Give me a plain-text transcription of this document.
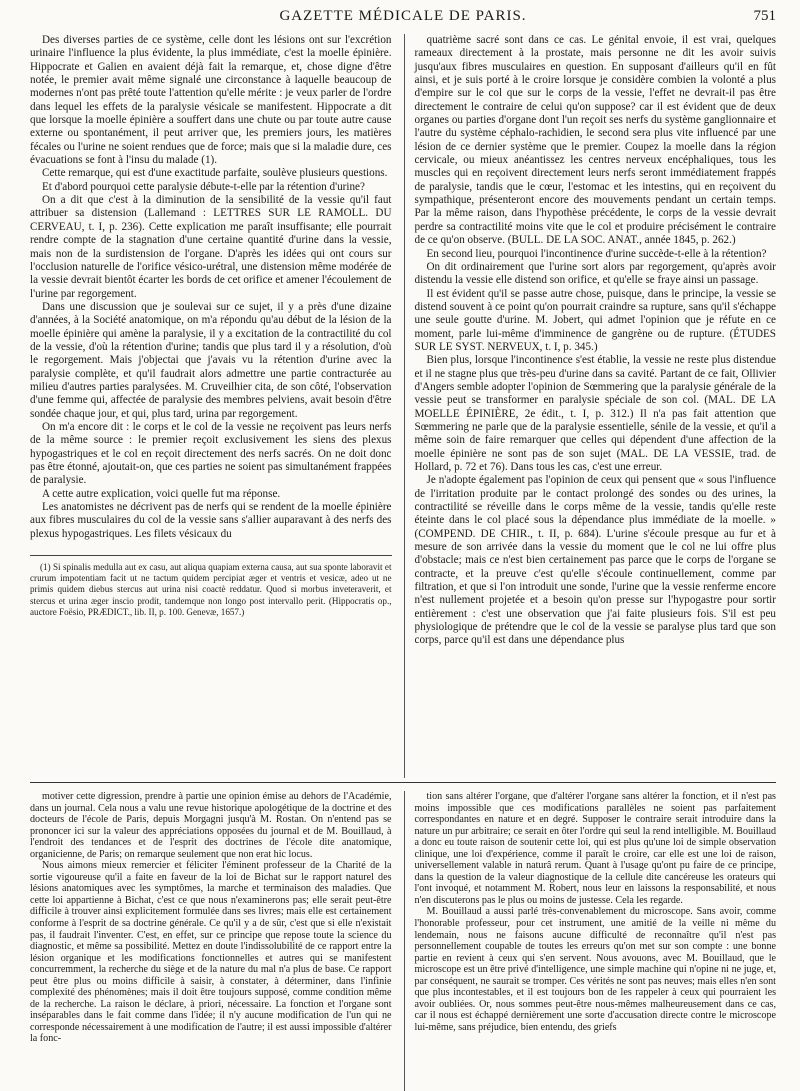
GAZETTE MÉDICALE DE PARIS.	751

Des diverses parties de ce système, celle dont les lésions ont sur l'excrétion urinaire l'influence la plus évidente, la plus immédiate, c'est la moelle épinière. Hippocrate et Galien en avaient déjà fait la remarque, et, chose digne d'être notée, le premier avait même signalé une circonstance à laquelle beaucoup de modernes n'ont pas prêté toute l'attention qu'elle mérite : je veux parler de l'ordre dans lequel les effets de la paralysie vésicale se manifestent. Hippocrate a dit que lorsque la moelle épinière a souffert dans une chute ou par toute autre cause externe ou spontanément, il peut arriver que, les premiers jours, les matières fécales ou l'urine ne soient rendues que de force; mais que si la maladie dure, ces évacuations se font à l'insu du malade (1).

Cette remarque, qui est d'une exactitude parfaite, soulève plusieurs questions.

Et d'abord pourquoi cette paralysie débute-t-elle par la rétention d'urine?

On a dit que c'est à la diminution de la sensibilité de la vessie qu'il faut attribuer sa distension (Lallemand : LETTRES SUR LE RAMOLL. DU CERVEAU, t. I, p. 236). Cette explication me paraît insuffisante; elle pourrait rendre compte de la stagnation d'une certaine quantité d'urine dans la vessie, mais non de la surdistension de l'organe. D'après les idées qui ont cours sur l'occlusion naturelle de l'orifice vésico-urétral, une distension même modérée de la vessie devrait bientôt écarter les bords de cet orifice et amener l'écoulement de l'urine par regorgement.

Dans une discussion que je soulevai sur ce sujet, il y a près d'une dizaine d'années, à la Société anatomique, on m'a répondu qu'au début de la lésion de la moelle épinière qui amène la paralysie, il y a excitation de la contractilité du col de la vessie, d'où la rétention d'urine; tandis que plus tard il y a résolution, d'où le regorgement. Mais j'objectai que j'avais vu la rétention d'urine avec la paralysie complète, et qu'il faudrait alors admettre une partie contracturée au milieu d'autres parties paralysées. M. Cruveilhier cita, de son côté, l'observation d'une femme qui, affectée de paralysie des membres pelviens, avait besoin d'être sondée chaque jour, et qui, plus tard, urina par regorgement.

On m'a encore dit : le corps et le col de la vessie ne reçoivent pas leurs nerfs de la même source : le premier reçoit exclusivement les siens des plexus hypogastriques et le col en reçoit directement des nerfs sacrés. On ne doit donc pas être étonné, ajoutait-on, que ces parties ne soient pas simultanément frappées de paralysie.

A cette autre explication, voici quelle fut ma réponse.

Les anatomistes ne décrivent pas de nerfs qui se rendent de la moelle épinière aux fibres musculaires du col de la vessie sans s'allier auparavant à des nerfs des plexus hypogastriques. Les filets vésicaux du

(1) Si spinalis medulla aut ex casu, aut aliqua quapiam externa causa, aut sua sponte laboravit et crurum impotentiam facit ut ne tactum quidem percipiat æger et ventris et vesicæ, adeo ut ne primis quidem diebus stercus aut urina nisi coactè reddatur. Quod si morbus inveteraverit, et stercus et urina æger inscio prodit, tandemque non longo post intervallo perit. (Hippocratis op., auctore Foësio, PRÆDICT., lib. II, p. 100. Genevæ, 1657.)

quatrième sacré sont dans ce cas. Le génital envoie, il est vrai, quelques rameaux directement à la prostate, mais personne ne dit les avoir suivis jusqu'aux fibres musculaires en question. En supposant d'ailleurs qu'il en fût ainsi, et je suis porté à le croire lorsque je considère combien la volonté a plus d'empire sur le col que sur le corps de la vessie, l'effet ne devrait-il pas être directement le contraire de celui qu'on suppose? car il est évident que de deux organes ou parties d'organe dont l'un reçoit ses nerfs du système ganglionnaire et l'autre du système céphalo-rachidien, le second sera plus vite influencé par une lésion de ce dernier système que le premier. Coupez la moelle dans la région cervicale, ou mieux anéantissez les centres nerveux encéphaliques, tous les muscles qui en reçoivent directement leurs nerfs seront immédiatement frappés de paralysie, tandis que le cœur, l'estomac et les intestins, qui en reçoivent du sympathique, présenteront encore des mouvements pendant un certain temps. Par la même raison, dans l'hypothèse précédente, le corps de la vessie devrait perdre sa contractilité moins vite que le col et produire précisément le contraire de ce qu'on observe. (BULL. DE LA SOC. ANAT., année 1845, p. 262.)

En second lieu, pourquoi l'incontinence d'urine succède-t-elle à la rétention?

On dit ordinairement que l'urine sort alors par regorgement, qu'après avoir distendu la vessie elle distend son orifice, et qu'elle se fraye ainsi un passage.

Il est évident qu'il se passe autre chose, puisque, dans le principe, la vessie se distend souvent à ce point qu'on pourrait craindre sa rupture, sans qu'il s'échappe une seule goutte d'urine. M. Jobert, qui admet l'opinion que je réfute en ce moment, parle lui-même d'imminence de gangrène ou de rupture. (ÉTUDES SUR LE SYST. NERVEUX, t. I, p. 345.)

Bien plus, lorsque l'incontinence s'est établie, la vessie ne reste plus distendue et il ne stagne plus que très-peu d'urine dans sa cavité. Partant de ce fait, Ollivier d'Angers semble adopter l'opinion de Sœmmering que la paralysie générale de la vessie peut se transformer en paralysie spéciale de son col. (MAL. DE LA MOELLE ÉPINIÈRE, 2e édit., t. I, p. 312.) Il n'a pas fait attention que Sœmmering ne parle que de la paralysie essentielle, sénile de la vessie, et qu'il a même soin de faire remarquer que celles qui dépendent d'une affection de la moelle épinière ne sont pas de son sujet (MAL. DE LA VESSIE, trad. de Hollard, p. 72 et 76). Dans tous les cas, c'est une erreur.

Je n'adopte également pas l'opinion de ceux qui pensent que « sous l'influence de l'irritation produite par le contact prolongé des sondes ou des urines, la contractilité se réveille dans le corps même de la vessie, tandis qu'elle reste éteinte dans le col placé sous la dépendance plus immédiate de la moelle. » (COMPEND. DE CHIR., t. II, p. 684). L'urine s'écoule presque au fur et à mesure de son arrivée dans la vessie du moment que le col ne lui offre plus d'obstacle; mais ce n'est bien certainement pas parce que le corps de l'organe se contracte, et la preuve c'est qu'elle s'écoule continuellement, comme par filtration, et que si l'on introduit une sonde, l'urine que la vessie renferme encore n'est nullement projetée et a besoin qu'on presse sur l'hypogastre pour sortir entièrement : c'est une observation que j'ai faite plusieurs fois. S'il est peu physiologique de prétendre que le col de la vessie se paralyse plus tard que son corps, parce qu'il est dans une dépendance plus

motiver cette digression, prendre à partie une opinion émise au dehors de l'Académie, dans un journal. Cela nous a valu une revue historique apologétique de la doctrine et des docteurs de l'école de Paris, depuis Morgagni jusqu'à M. Rostan. On n'entend pas se prononcer ici sur la valeur des appréciations opposées du journal et de M. Bouillaud, à l'endroit des tendances et de l'esprit des doctrines de l'école dite anatomique, organicienne, de Paris; on remarque seulement que non erat hic locus.

Nous aimons mieux remercier et féliciter l'éminent professeur de la Charité de la sortie vigoureuse qu'il a faite en faveur de la loi de Bichat sur le rapport naturel des lésions anatomiques avec les symptômes, la marche et terminaison des maladies. Que cette loi appartienne à Bichat, c'est ce que nous n'examinerons pas; elle serait peut-être difficile à trouver ainsi explicitement formulée dans ses livres; mais elle est certainement conforme à l'esprit de sa doctrine générale. Ce qu'il y a de sûr, c'est que si elle n'existait pas, il faudrait l'inventer. C'est, en effet, sur ce principe que repose toute la science du diagnostic, et même sa possibilité. Mettez en doute l'indissolubilité de ce rapport entre la lésion organique et les modifications fonctionnelles et autres qui se manifestent concurremment, la recherche du siège et de la nature du mal n'a plus de base. Ce rapport peut être plus ou moins difficile à saisir, à constater, à déterminer, dans l'infinie complexité des phénomènes; mais il doit être toujours supposé, comme condition même de la recherche. La raison le déclare, à priori, nécessaire. La fonction et l'organe sont inséparables dans le fait comme dans l'idée; il n'y aucune modification de l'un qui ne corresponde nécessairement à une modification de l'autre; il est aussi impossible d'altérer la fonc-

tion sans altérer l'organe, que d'altérer l'organe sans altérer la fonction, et il n'est pas moins impossible que ces modifications parallèles ne soient pas parfaitement correspondantes en nature et en degré. Supposer le contraire serait introduire dans la nature un pur arbitraire; ce serait en ôter l'ordre qui seul la rend intelligible. M. Bouillaud a donc eu toute raison de soutenir cette loi, qui est plus qu'une loi de simple observation clinique, une loi d'expérience, comme il paraît le croire, car elle est une loi de raison, universellement valable in naturâ rerum. Quant à l'usage qu'ont pu faire de ce principe, dans la question de la valeur diagnostique de la cellule dite cancéreuse les orateurs qui l'ont invoqué, et notamment M. Robert, nous leur en laissons la responsabilité, et nous n'en discuterons pas le plus ou moins de justesse. Cela les regarde.

M. Bouillaud a aussi parlé très-convenablement du microscope. Sans avoir, comme l'honorable professeur, pour cet instrument, une amitié de la veille ni même du lendemain, nous ne faisons aucune difficulté de reconnaître qu'il n'est pas personnellement coupable de toutes les erreurs qu'on met sur son compte : une bonne partie en revient à ceux qui s'en servent. Nous avouons, avec M. Bouillaud, que le microscope est un être privé d'intelligence, une simple machine qui n'opine ni ne juge, et, par conséquent, ne saurait se tromper. Ces vérités ne sont pas neuves; mais elles n'en sont que plus incontestables, et il est toujours bon de les rappeler à ceux qui pourraient les avoir oubliées. Or, nous sommes peut-être nous-mêmes malheureusement dans ce cas, car il nous est échappé dernièrement une sorte d'accusation directe contre le microscope lui-même, sans préjudice, bien entendu, des griefs
